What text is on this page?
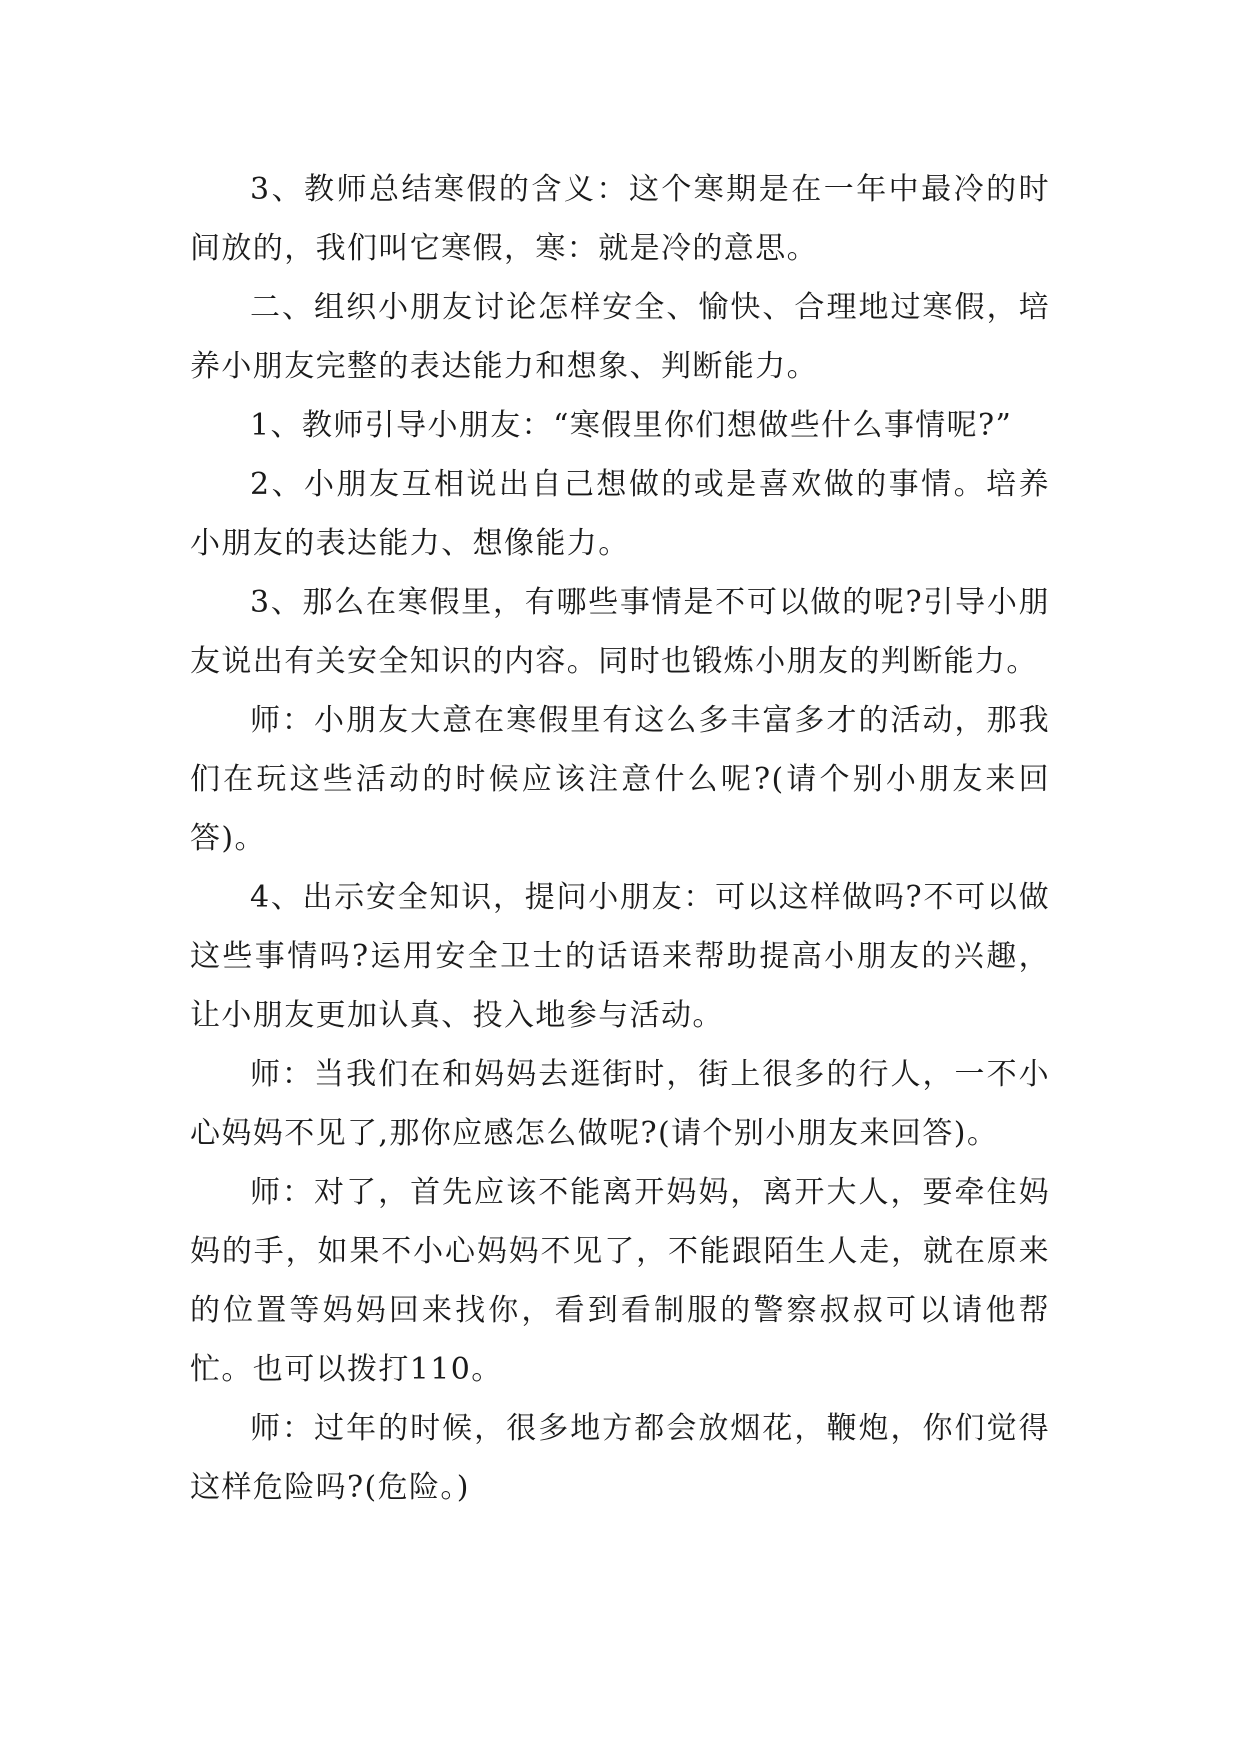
3、教师总结寒假的含义：这个寒期是在一年中最冷的时间放的，我们叫它寒假，寒：就是冷的意思。

二、组织小朋友讨论怎样安全、愉快、合理地过寒假，培养小朋友完整的表达能力和想象、判断能力。

1、教师引导小朋友：“寒假里你们想做些什么事情呢?”

2、小朋友互相说出自己想做的或是喜欢做的事情。培养小朋友的表达能力、想像能力。

3、那么在寒假里，有哪些事情是不可以做的呢?引导小朋友说出有关安全知识的内容。同时也锻炼小朋友的判断能力。

师：小朋友大意在寒假里有这么多丰富多才的活动，那我们在玩这些活动的时候应该注意什么呢?(请个别小朋友来回答)。

4、出示安全知识，提问小朋友：可以这样做吗?不可以做这些事情吗?运用安全卫士的话语来帮助提高小朋友的兴趣，让小朋友更加认真、投入地参与活动。

师：当我们在和妈妈去逛街时，街上很多的行人，一不小心妈妈不见了,那你应感怎么做呢?(请个别小朋友来回答)。

师：对了，首先应该不能离开妈妈，离开大人，要牵住妈妈的手，如果不小心妈妈不见了，不能跟陌生人走，就在原来的位置等妈妈回来找你，看到看制服的警察叔叔可以请他帮忙。也可以拨打110。

师：过年的时候，很多地方都会放烟花，鞭炮，你们觉得这样危险吗?(危险。)
